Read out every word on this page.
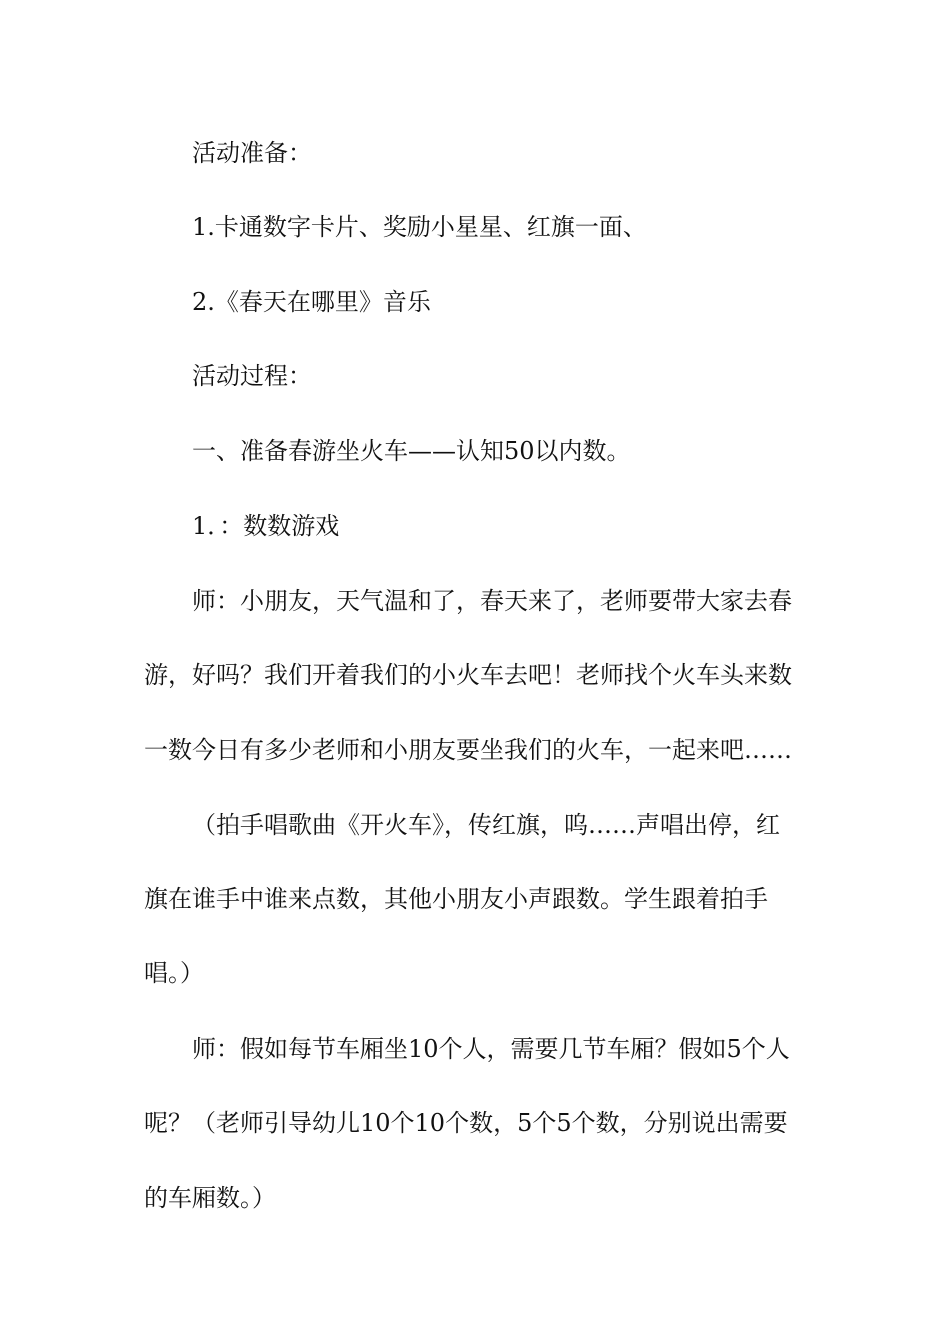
活动准备：
1.卡通数字卡片、奖励小星星、红旗一面、
2.《春天在哪里》音乐
活动过程：
一、准备春游坐火车——认知50以内数。
1．：数数游戏
师：小朋友，天气温和了，春天来了，老师要带大家去春
游，好吗？我们开着我们的小火车去吧！老师找个火车头来数
一数今日有多少老师和小朋友要坐我们的火车，一起来吧……
（拍手唱歌曲《开火车》，传红旗，呜……声唱出停，红
旗在谁手中谁来点数，其他小朋友小声跟数。学生跟着拍手
唱。）
师：假如每节车厢坐10个人，需要几节车厢？假如5个人
呢？（老师引导幼儿10个10个数，5个5个数，分别说出需要
的车厢数。）
